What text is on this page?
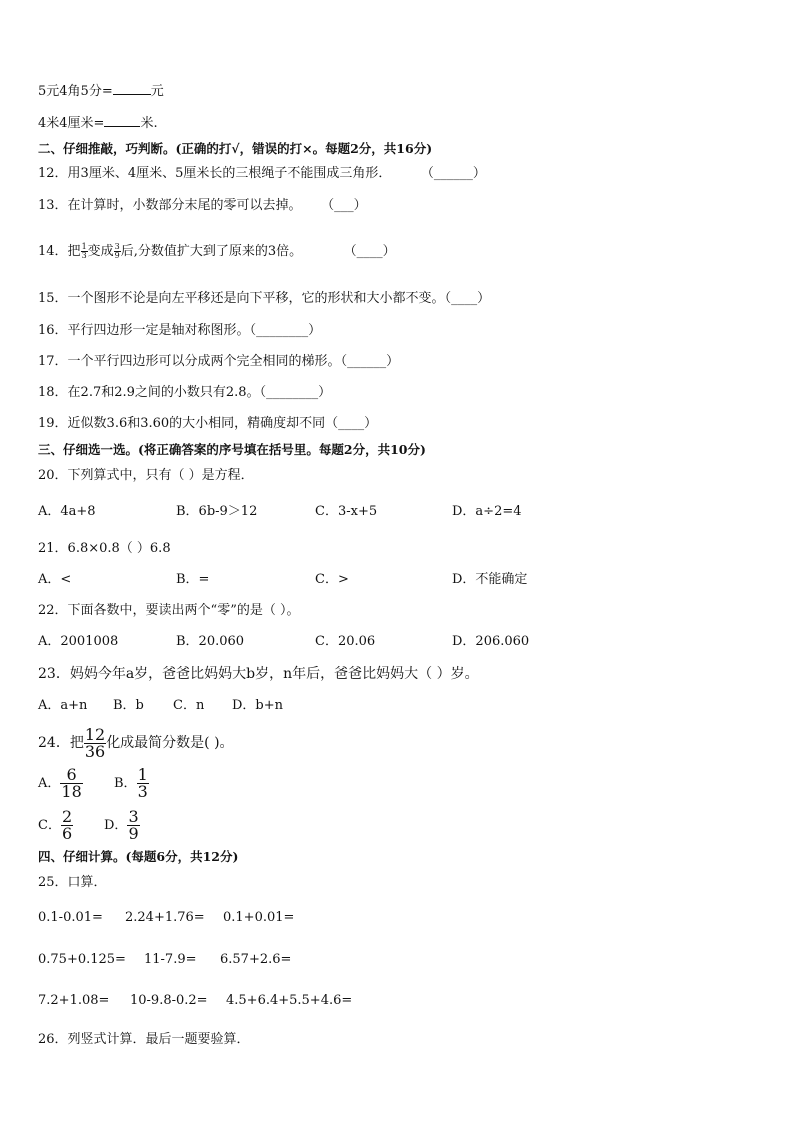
5元4角5分=	元
4米4厘米=	米.
二、仔细推敲，巧判断。(正确的打√，错误的打×。每题2分，共16分)
12．用3厘米、4厘米、5厘米长的三根绳子不能围成三角形．	（______）
13．在计算时，小数部分末尾的零可以去掉。 （___）
14．把 $\frac{1}{3}$ 变成 $\frac{3}{9}$ 后,分数值扩大到了原来的3倍。	（____）
15．一个图形不论是向左平移还是向下平移，它的形状和大小都不变。（____）
16．平行四边形一定是轴对称图形。（________）
17．一个平行四边形可以分成两个完全相同的梯形。（______）
18．在2.7和2.9之间的小数只有2.8。（________）
19．近似数3.6和3.60的大小相同，精确度却不同（____）
三、仔细选一选。(将正确答案的序号填在括号里。每题2分，共10分)
20．下列算式中，只有（ ）是方程．
A．4a+8	B．6b-9＞12	C．3-x+5	D．a÷2=4
21．6.8×0.8（ ）6.8
A．<	B．=	C．>	D．不能确定
22．下面各数中，要读出两个“零”的是（ ）。
A．2001008	B．20.060	C．20.06	D．206.060
23．妈妈今年a岁，爸爸比妈妈大b岁，n年后，爸爸比妈妈大（ ）岁。
A．a+n B．b C．n D．b+n
24．把 $\frac{12}{36}$ 化成最简分数是( )。
A． $\frac{6}{18}$ B． $\frac{1}{3}$
C． $\frac{2}{6}$ D． $\frac{3}{9}$
四、仔细计算。(每题6分，共12分)
25．口算．
0.1-0.01= 2.24+1.76= 0.1+0.01=
0.75+0.125= 11-7.9= 6.57+2.6=
7.2+1.08= 10-9.8-0.2= 4.5+6.4+5.5+4.6=
26．列竖式计算．最后一题要验算．
